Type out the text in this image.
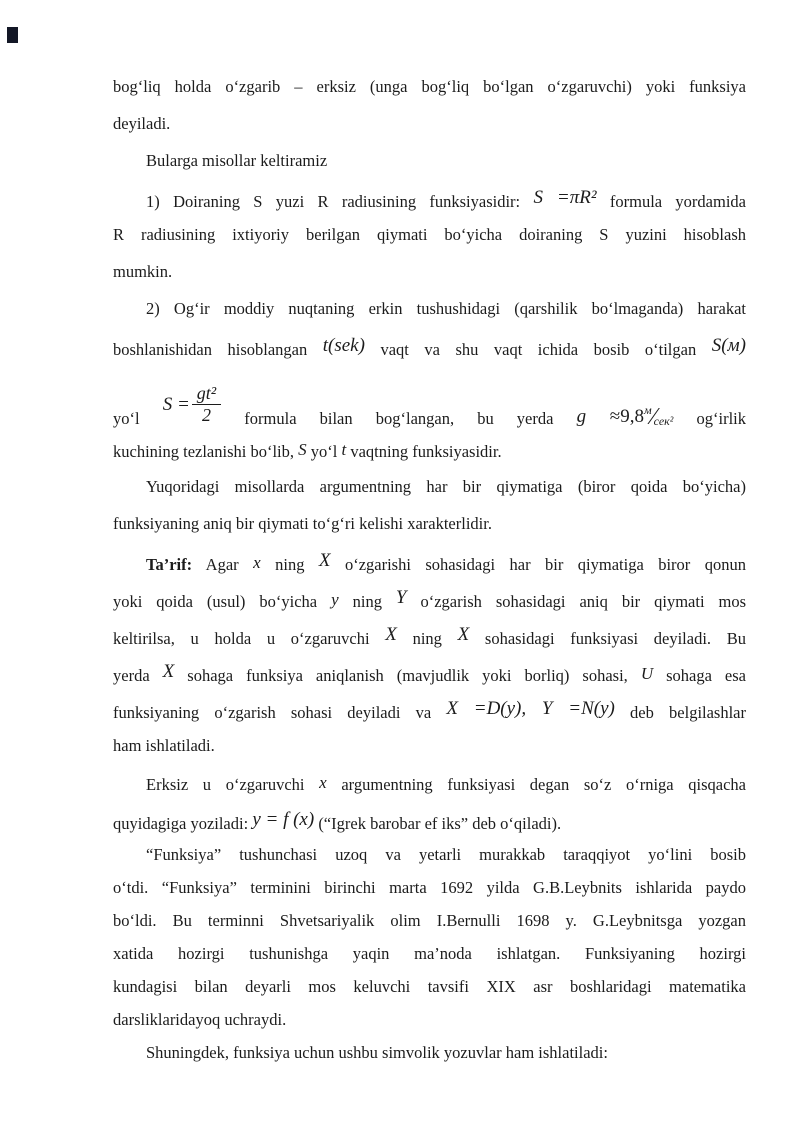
bog‘liq holda o‘zgarib – erksiz (unga bog‘liq bo‘lgan o‘zgaruvchi) yoki funksiya
deyiladi.
Bularga misollar keltiramiz
1) Doiraning S yuzi R radiusining funksiyasidir: S =πR² formula yordamida
R radiusining ixtiyoriy berilgan qiymati bo‘yicha doiraning S yuzini hisoblash
mumkin.
2) Og‘ir moddiy nuqtaning erkin tushushidagi (qarshilik bo‘lmaganda) harakat
boshlanishidan hisoblangan t(sek) vaqt va shu vaqt ichida bosib o‘tilgan S(м)
yo‘l
$S = \frac{\text{gt²}}{2}$ formula bilan bog‘langan, bu yerda $g \approx 9,8^м⁄сек^2$ og‘irlik
kuchining tezlanishi bo‘lib, S yo‘l t vaqtning funksiyasidir.
Yuqoridagi misollarda argumentning har bir qiymatiga (biror qoida bo‘yicha)
funksiyaning aniq bir qiymati to‘g‘ri kelishi xarakterlidir.
Ta’rif: Agar x ning X o‘zgarishi sohasidagi har bir qiymatiga biror qonun
yoki qoida (usul) bo‘yicha y ning Y o‘zgarish sohasidagi aniq bir qiymati mos
keltirilsa, u holda u o‘zgaruvchi X ning X sohasidagi funksiyasi deyiladi. Bu
yerda X sohaga funksiya aniqlanish (mavjudlik yoki borliq) sohasi, U sohaga esa
funksiyaning o‘zgarish sohasi deyiladi va X =D(y), Y =N(y) deb belgilashlar
ham ishlatiladi.
Erksiz u o‘zgaruvchi x argumentning funksiyasi degan so‘z o‘rniga qisqacha
quyidagiga yoziladi: y = f (x) (“Igrek barobar ef iks” deb o‘qiladi).
“Funksiya” tushunchasi uzoq va yetarli murakkab taraqqiyot yo‘lini bosib
o‘tdi. “Funksiya” terminini birinchi marta 1692 yilda G.B.Leybnits ishlarida paydo
bo‘ldi. Bu terminni Shvetsariyalik olim I.Bernulli 1698 y. G.Leybnitsga yozgan
xatida hozirgi tushunishga yaqin ma’noda ishlatgan. Funksiyaning hozirgi
kundagisi bilan deyarli mos keluvchi tavsifi XIX asr boshlaridagi matematika
darsliklaridayoq uchraydi.
Shuningdek, funksiya uchun ushbu simvolik yozuvlar ham ishlatiladi:
